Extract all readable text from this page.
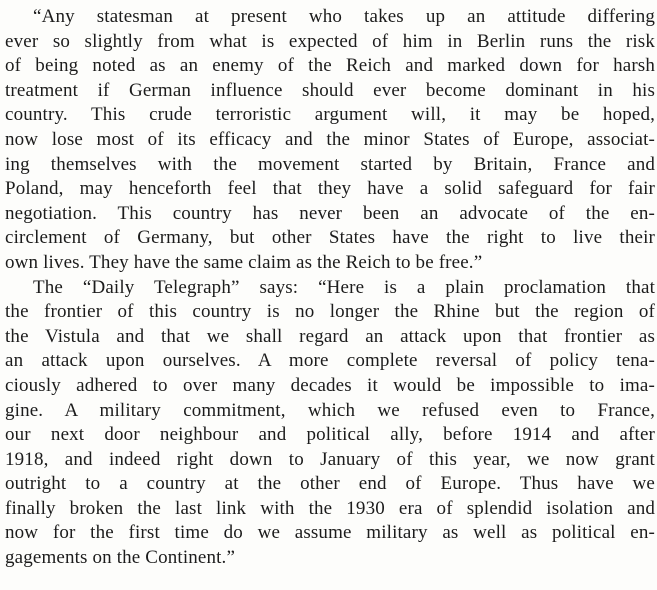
“Any statesman at present who takes up an attitude differing
ever so slightly from what is expected of him in Berlin runs the risk
of being noted as an enemy of the Reich and marked down for harsh
treatment if German influence should ever become dominant in his
country. This crude terroristic argument will, it may be hoped,
now lose most of its efficacy and the minor States of Europe, associat-
ing themselves with the movement started by Britain, France and
Poland, may henceforth feel that they have a solid safeguard for fair
negotiation. This country has never been an advocate of the en-
circlement of Germany, but other States have the right to live their
own lives. They have the same claim as the Reich to be free.”
The “Daily Telegraph” says: “Here is a plain proclamation that
the frontier of this country is no longer the Rhine but the region of
the Vistula and that we shall regard an attack upon that frontier as
an attack upon ourselves. A more complete reversal of policy tena-
ciously adhered to over many decades it would be impossible to ima-
gine. A military commitment, which we refused even to France,
our next door neighbour and political ally, before 1914 and after
1918, and indeed right down to January of this year, we now grant
outright to a country at the other end of Europe. Thus have we
finally broken the last link with the 1930 era of splendid isolation and
now for the first time do we assume military as well as political en-
gagements on the Continent.”
